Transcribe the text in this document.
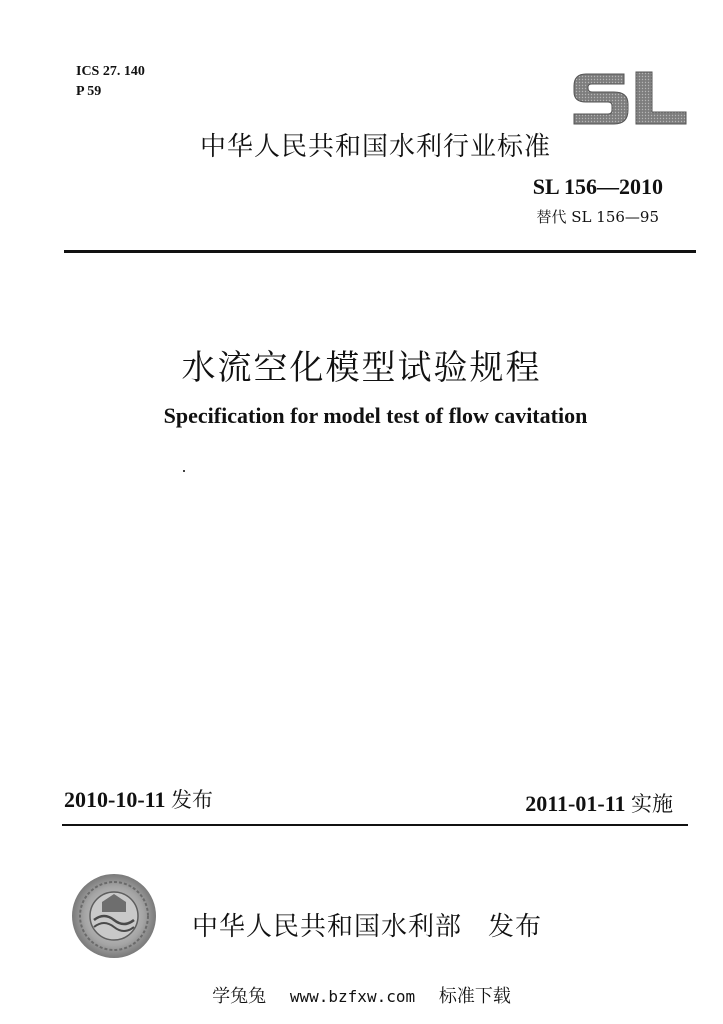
ICS 27. 140
P 59
中华人民共和国水利行业标准
SL 156—2010
替代 SL 156—95
水流空化模型试验规程
Specification for model test of flow cavitation
2010-10-11 发布	2011-01-11 实施
中华人民共和国水利部 发布
学兔兔 www.bzfxw.com 标准下载
